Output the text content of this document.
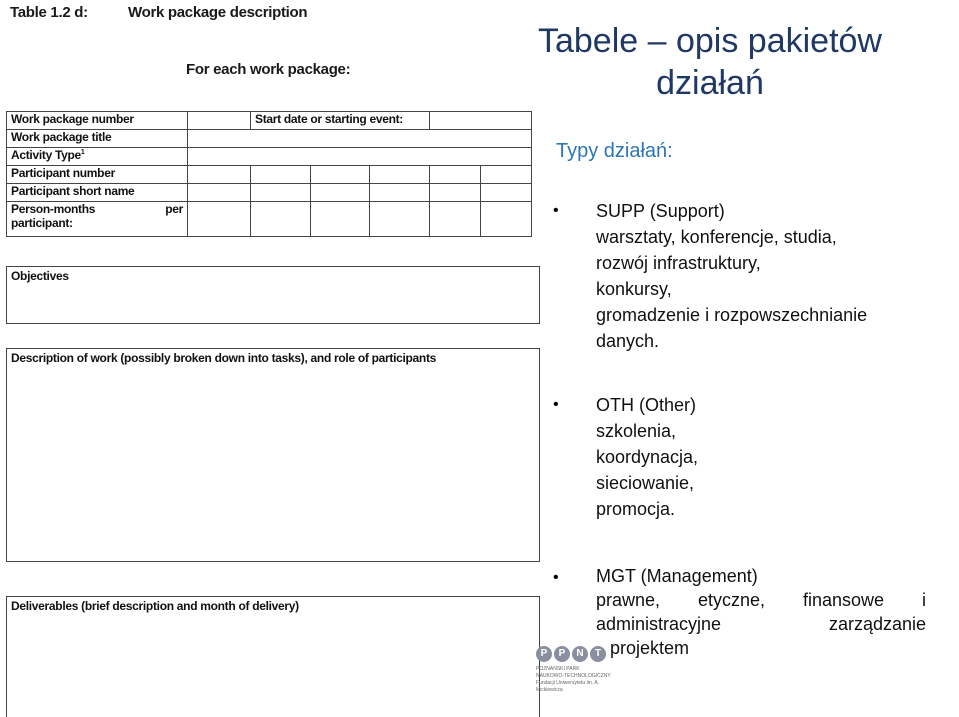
Table 1.2 d:	Work package description
For each work package:
Work package number		Start date or starting event:				
Work package title						
Activity Type$^1$	
Participant number						
Participant short name						

Person-months per
participant:						

Objectives
Description of work (possibly broken down into tasks), and role of participants
Deliverables (brief description and month of delivery)
Tabele – opis pakietów działań
Typy działań:
• SUPP (Support)
warsztaty, konferencje, studia,
rozwój infrastruktury,
konkursy,
gromadzenie i rozpowszechnianie
danych.
• OTH (Other)
szkolenia,
koordynacja,
sieciowanie,
promocja.
• MGT (Management)
prawne, etyczne, finansowe i
administracyjne zarządzanie
projektem
P	P	N	T
POZNAŃSKI PARK
NAUKOWO-TECHNOLOGICZNY
Fundacji Uniwersytetu im. A. Mickiewicza
